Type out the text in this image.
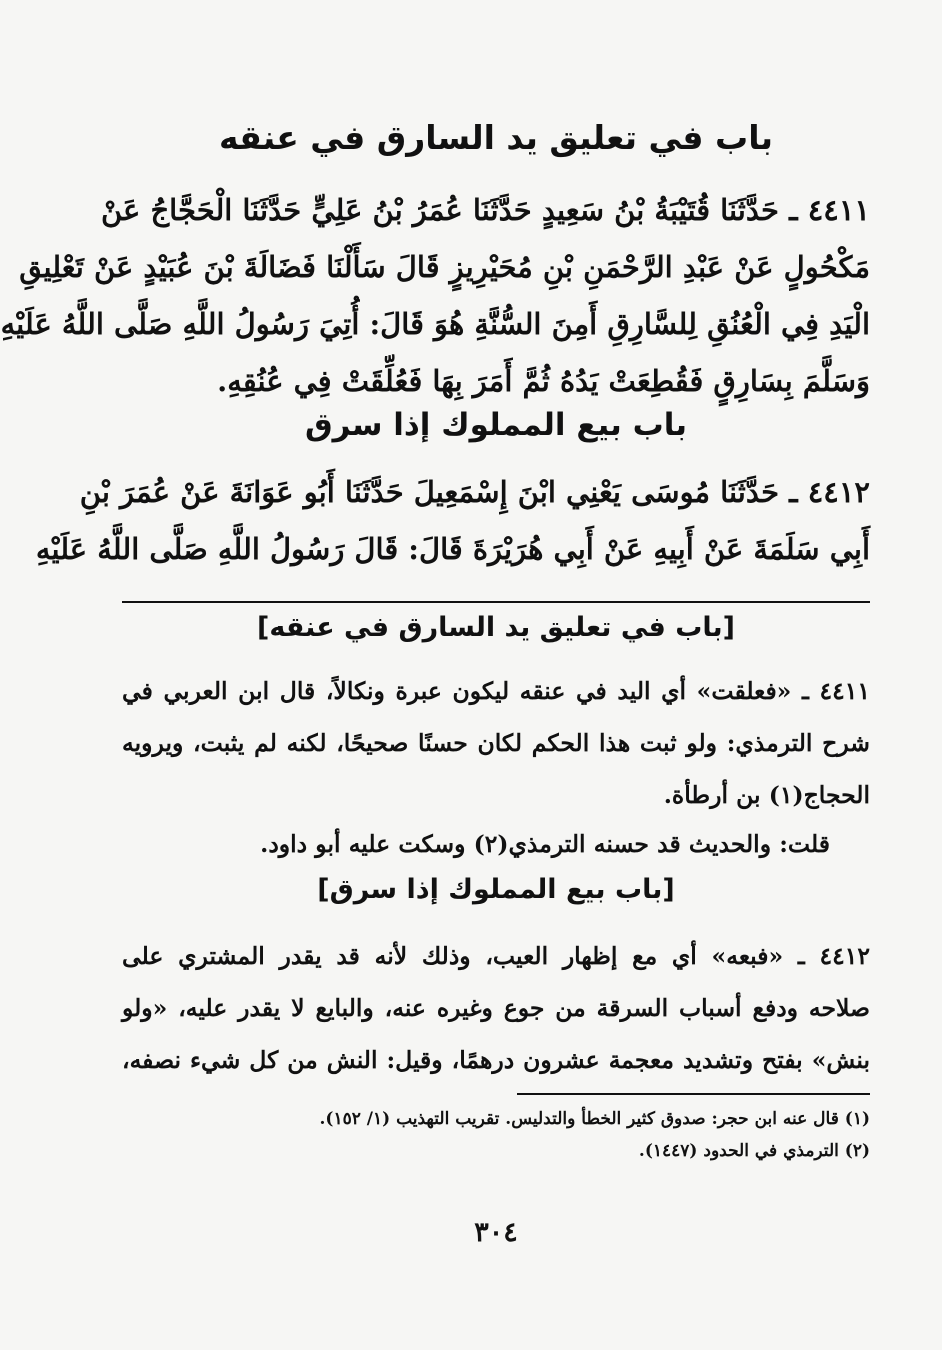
باب في تعليق يد السارق في عنقه
٤٤١١ ـ حَدَّثَنَا قُتَيْبَةُ بْنُ سَعِيدٍ حَدَّثَنَا عُمَرُ بْنُ عَلِيٍّ حَدَّثَنَا الْحَجَّاجُ عَنْ
مَكْحُولٍ عَنْ عَبْدِ الرَّحْمَنِ بْنِ مُحَيْرِيزٍ قَالَ سَأَلْنَا فَضَالَةَ بْنَ عُبَيْدٍ عَنْ تَعْلِيقِ
الْيَدِ فِي الْعُنُقِ لِلسَّارِقِ أَمِنَ السُّنَّةِ هُوَ قَالَ: أُتِيَ رَسُولُ اللَّهِ صَلَّى اللَّهُ عَلَيْهِ
وَسَلَّمَ بِسَارِقٍ فَقُطِعَتْ يَدُهُ ثُمَّ أَمَرَ بِهَا فَعُلِّقَتْ فِي عُنُقِهِ.
باب بيع المملوك إذا سرق
٤٤١٢ ـ حَدَّثَنَا مُوسَى يَعْنِي ابْنَ إِسْمَعِيلَ حَدَّثَنَا أَبُو عَوَانَةَ عَنْ عُمَرَ بْنِ
أَبِي سَلَمَةَ عَنْ أَبِيهِ عَنْ أَبِي هُرَيْرَةَ قَالَ: قَالَ رَسُولُ اللَّهِ صَلَّى اللَّهُ عَلَيْهِ
[باب في تعليق يد السارق في عنقه]
٤٤١١ ـ «فعلقت» أي اليد في عنقه ليكون عبرة ونكالاً، قال ابن العربي في
شرح الترمذي: ولو ثبت هذا الحكم لكان حسنًا صحيحًا، لكنه لم يثبت، ويرويه
الحجاج(١) بن أرطأة.
قلت: والحديث قد حسنه الترمذي(٢) وسكت عليه أبو داود.
[باب بيع المملوك إذا سرق]
٤٤١٢ ـ «فبعه» أي مع إظهار العيب، وذلك لأنه قد يقدر المشتري على
صلاحه ودفع أسباب السرقة من جوع وغيره عنه، والبايع لا يقدر عليه، «ولو
بنش» بفتح وتشديد معجمة عشرون درهمًا، وقيل: النش من كل شيء نصفه،
(١) قال عنه ابن حجر: صدوق كثير الخطأ والتدليس. تقريب التهذيب (١/ ١٥٢).
(٢) الترمذي في الحدود (١٤٤٧).
٣٠٤
